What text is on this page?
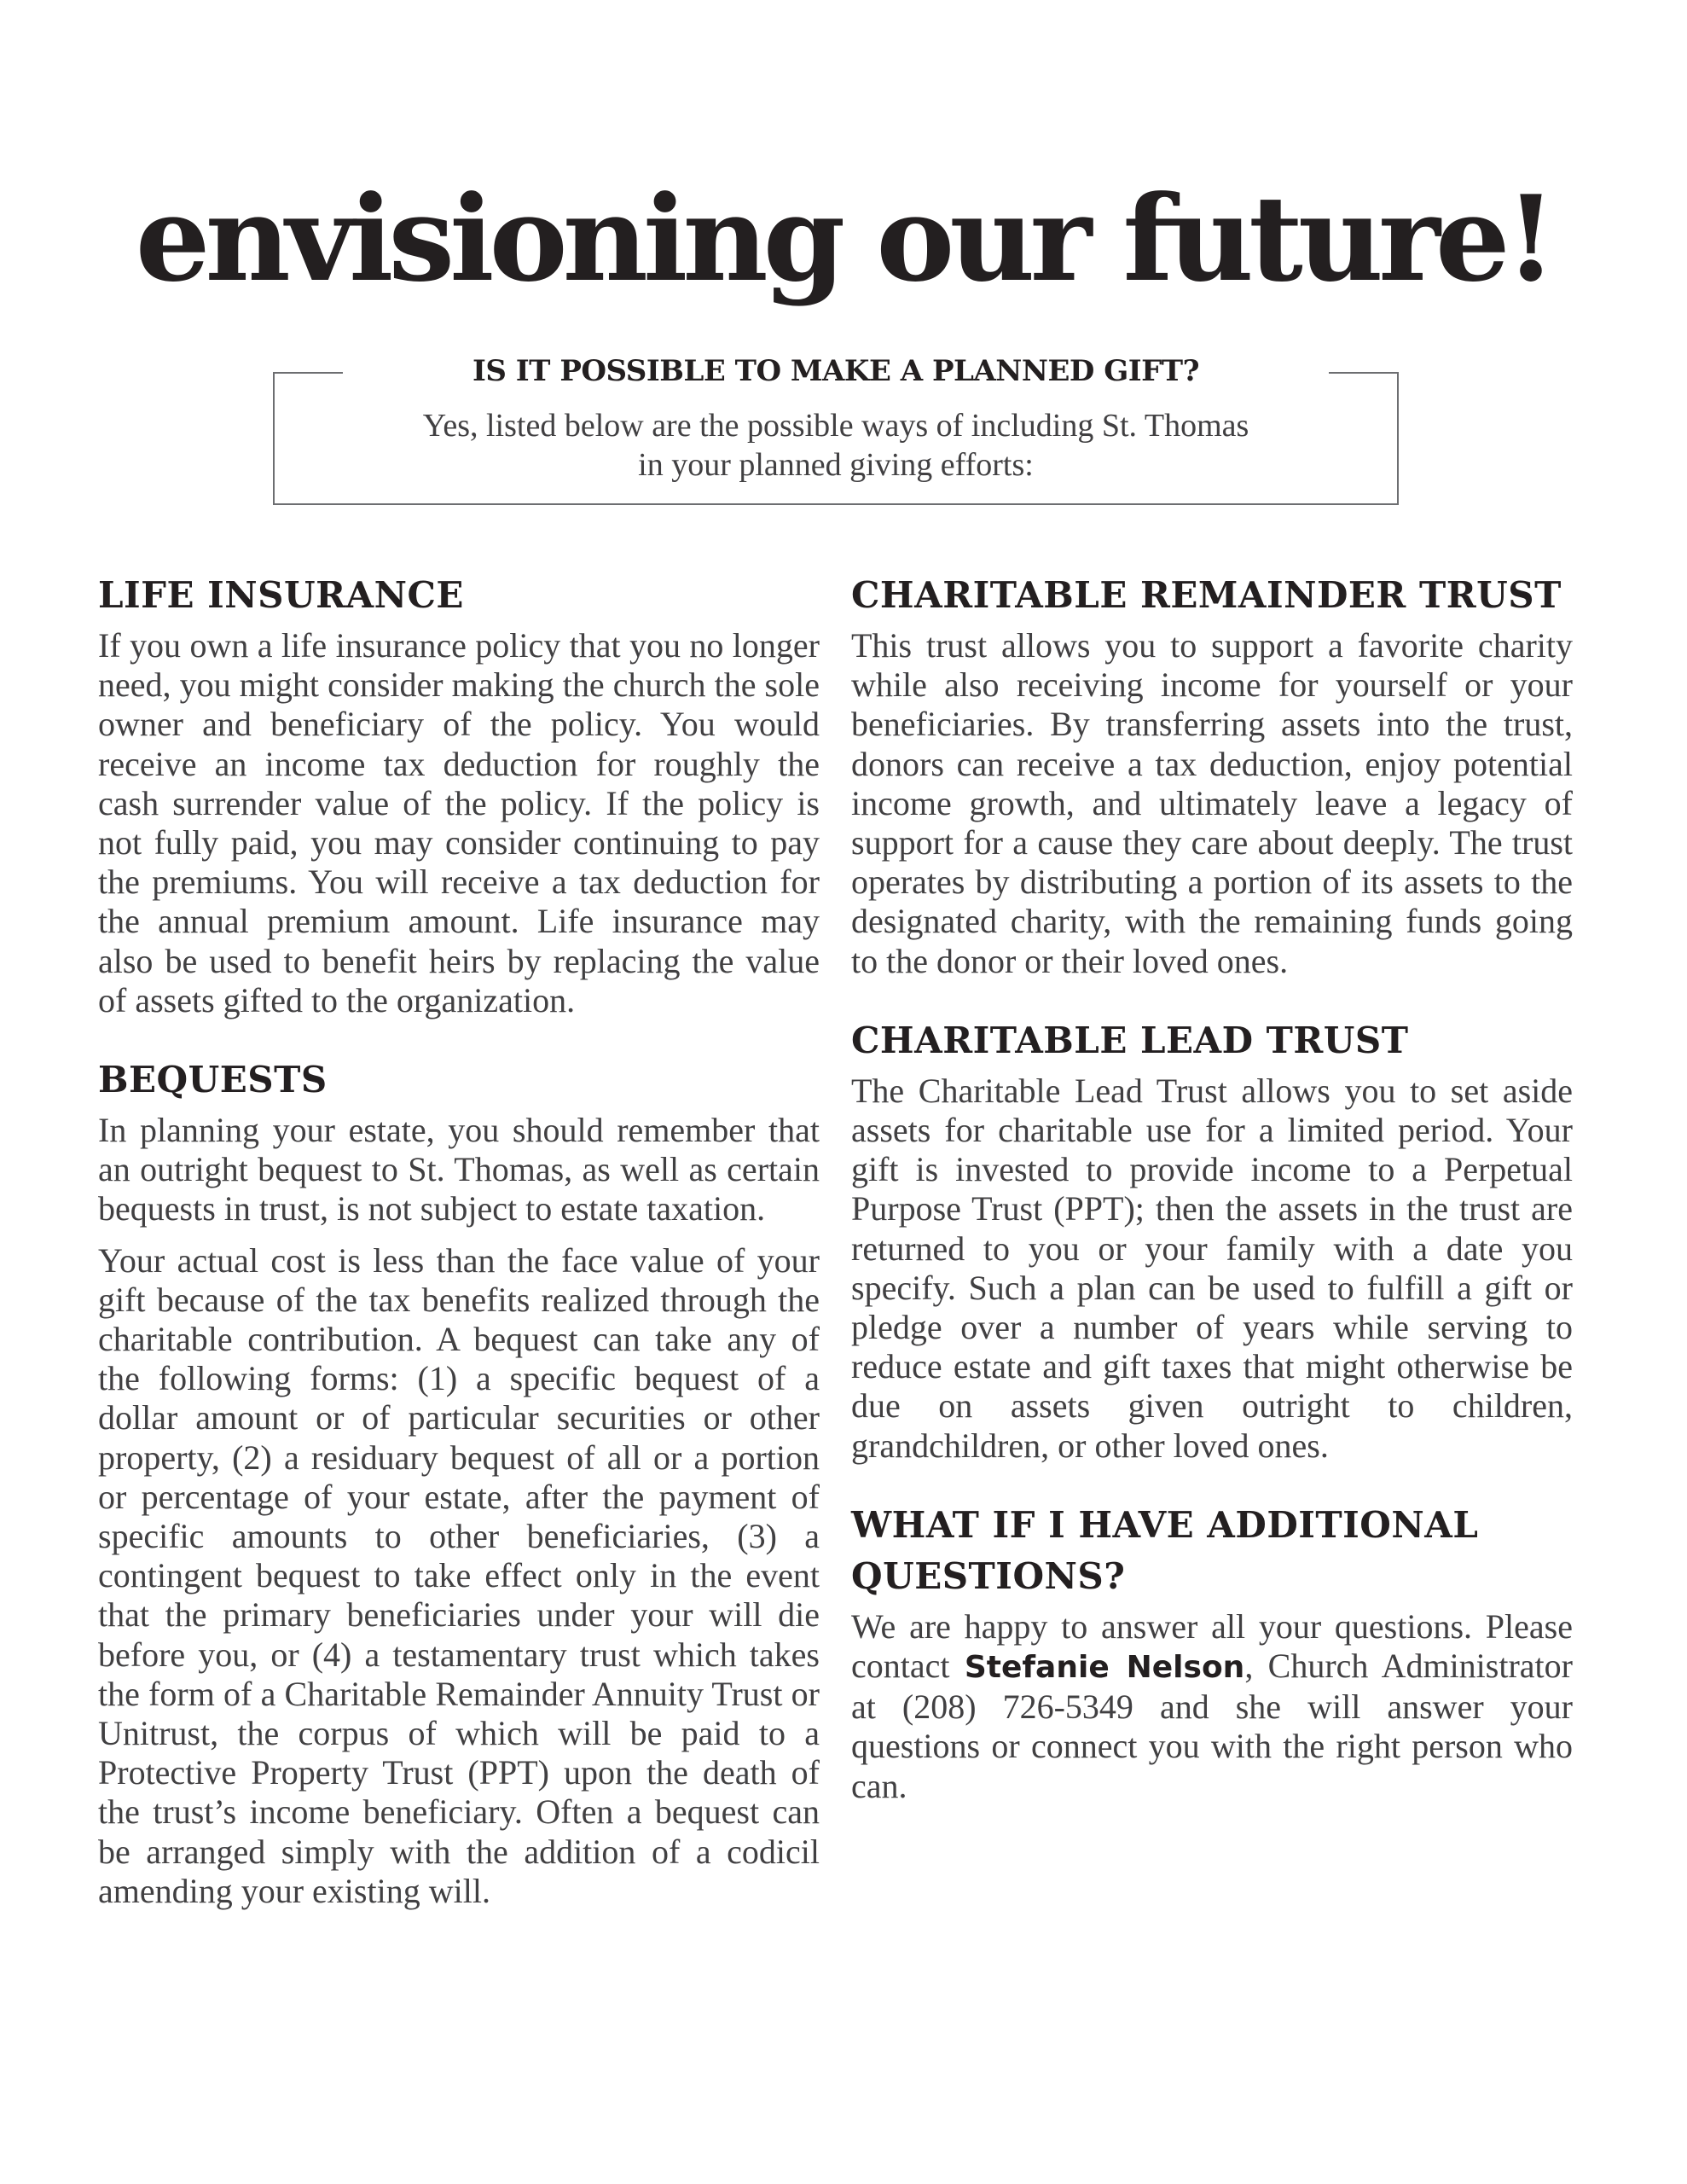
envisioning our future!
IS IT POSSIBLE TO MAKE A PLANNED GIFT?
Yes, listed below are the possible ways of including St. Thomas
in your planned giving efforts:
LIFE INSURANCE

If you own a life insurance policy that you no longer need, you might consider making the church the sole owner and beneficiary of the policy. You would receive an income tax deduction for roughly the cash surrender value of the policy. If the policy is not fully paid, you may consider continuing to pay the premiums. You will receive a tax deduction for the annual premium amount. Life insurance may also be used to benefit heirs by replacing the value of assets gifted to the organization.

BEQUESTS

In planning your estate, you should remember that an outright bequest to St. Thomas, as well as certain bequests in trust, is not subject to estate taxation.

Your actual cost is less than the face value of your gift because of the tax benefits realized through the charitable contribution. A bequest can take any of the following forms: (1) a specific bequest of a dollar amount or of particular securities or other property, (2) a residuary bequest of all or a portion or percentage of your estate, after the payment of specific amounts to other beneficiaries, (3) a contingent bequest to take effect only in the event that the primary beneficiaries under your will die before you, or (4) a testamentary trust which takes the form of a Charitable Remainder Annuity Trust or Unitrust, the corpus of which will be paid to a Protective Property Trust (PPT) upon the death of the trust’s income beneficiary. Often a bequest can be arranged simply with the addition of a codicil amending your existing will.

CHARITABLE REMAINDER TRUST

This trust allows you to support a favorite charity while also receiving income for yourself or your beneficiaries. By transferring assets into the trust, donors can receive a tax deduction, enjoy potential income growth, and ultimately leave a legacy of support for a cause they care about deeply. The trust operates by distributing a portion of its assets to the designated charity, with the remaining funds going to the donor or their loved ones.

CHARITABLE LEAD TRUST

The Charitable Lead Trust allows you to set aside assets for charitable use for a limited period. Your gift is invested to provide income to a Perpetual Purpose Trust (PPT); then the assets in the trust are returned to you or your family with a date you specify. Such a plan can be used to fulfill a gift or pledge over a number of years while serving to reduce estate and gift taxes that might otherwise be due on assets given outright to children, grandchildren, or other loved ones.

WHAT IF I HAVE ADDITIONAL QUESTIONS?

We are happy to answer all your questions. Please contact Stefanie Nelson, Church Administrator at (208) 726-5349 and she will answer your questions or connect you with the right person who can.
